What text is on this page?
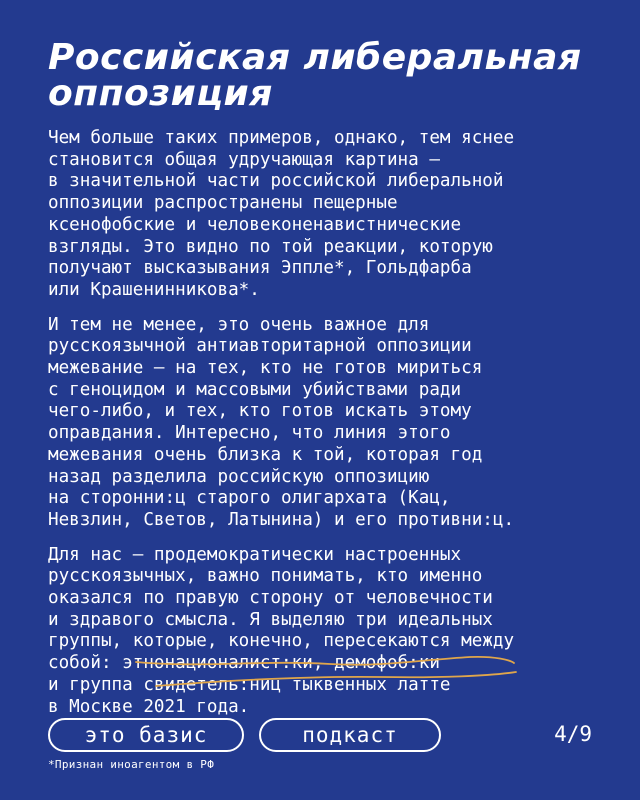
Российская либеральная
оппозиция

Чем больше таких примеров, однако, тем яснее
становится общая удручающая картина —
в значительной части российской либеральной
оппозиции распространены пещерные
ксенофобские и человеконенавистнические
взгляды. Это видно по той реакции, которую
получают высказывания Эппле*, Гольдфарба
или Крашенинникова*.

И тем не менее, это очень важное для
русскоязычной антиавторитарной оппозиции
межевание — на тех, кто не готов мириться
с геноцидом и массовыми убийствами ради
чего-либо, и тех, кто готов искать этому
оправдания. Интересно, что линия этого
межевания очень близка к той, которая год
назад разделила российскую оппозицию
на сторонни:ц старого олигархата (Кац,
Невзлин, Светов, Латынина) и его противни:ц.

Для нас — продемократически настроенных
русскоязычных, важно понимать, кто именно
оказался по правую сторону от человечности
и здравого смысла. Я выделяю три идеальных
группы, которые, конечно, пересекаются между
собой: этнонационалист:ки, демофоб:ки
и группа свидетель:ниц тыквенных латте
в Москве 2021 года.

это базис	подкаст	4/9
*Признан иноагентом в РФ
